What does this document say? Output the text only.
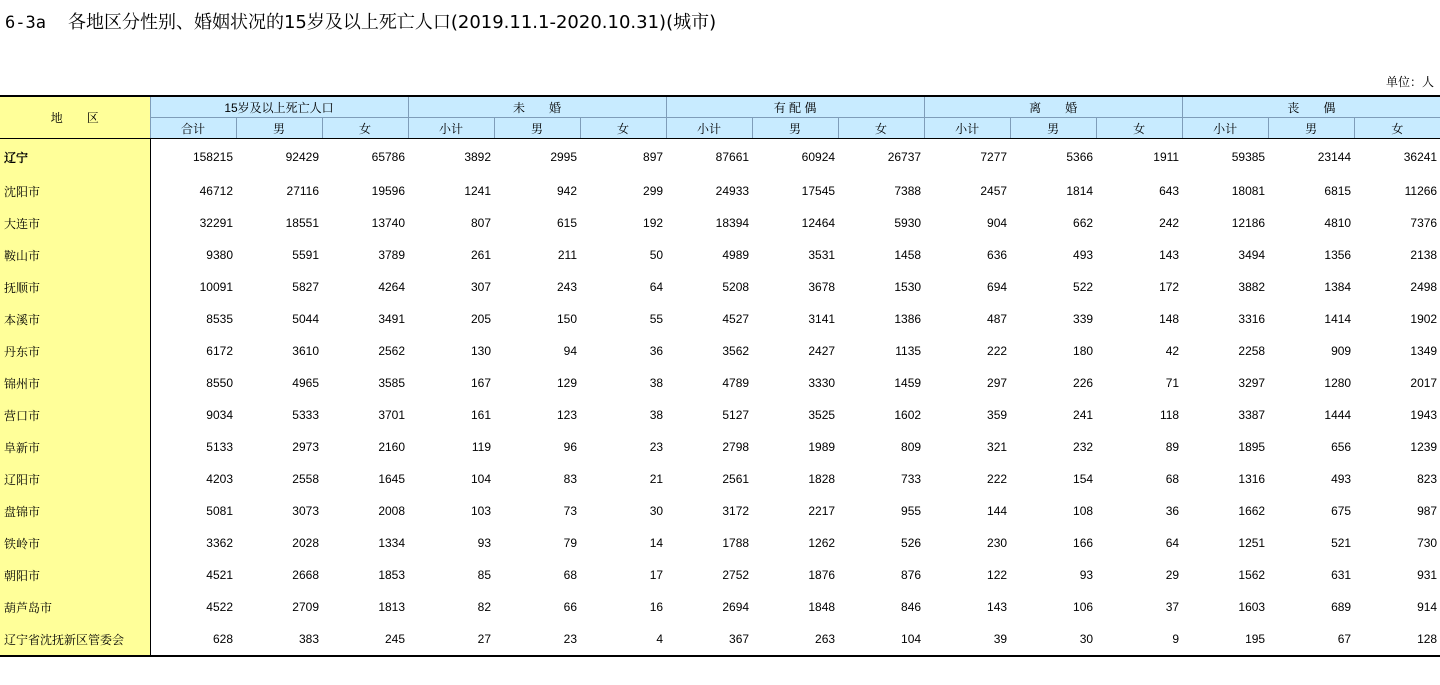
6-3a 各地区分性别、婚姻状况的15岁及以上死亡人口(2019.11.1-2020.10.31)(城市)
单位：人
地　　区	15岁及以上死亡人口			未　　婚			有 配 偶			离　　婚			丧　　偶		
	合计	男	女	小计	男	女	小计	男	女	小计	男	女	小计	男	女
辽宁	158215	92429	65786	3892	2995	897	87661	60924	26737	7277	5366	1911	59385	23144	36241
沈阳市	46712	27116	19596	1241	942	299	24933	17545	7388	2457	1814	643	18081	6815	11266
大连市	32291	18551	13740	807	615	192	18394	12464	5930	904	662	242	12186	4810	7376
鞍山市	9380	5591	3789	261	211	50	4989	3531	1458	636	493	143	3494	1356	2138
抚顺市	10091	5827	4264	307	243	64	5208	3678	1530	694	522	172	3882	1384	2498
本溪市	8535	5044	3491	205	150	55	4527	3141	1386	487	339	148	3316	1414	1902
丹东市	6172	3610	2562	130	94	36	3562	2427	1135	222	180	42	2258	909	1349
锦州市	8550	4965	3585	167	129	38	4789	3330	1459	297	226	71	3297	1280	2017
营口市	9034	5333	3701	161	123	38	5127	3525	1602	359	241	118	3387	1444	1943
阜新市	5133	2973	2160	119	96	23	2798	1989	809	321	232	89	1895	656	1239
辽阳市	4203	2558	1645	104	83	21	2561	1828	733	222	154	68	1316	493	823
盘锦市	5081	3073	2008	103	73	30	3172	2217	955	144	108	36	1662	675	987
铁岭市	3362	2028	1334	93	79	14	1788	1262	526	230	166	64	1251	521	730
朝阳市	4521	2668	1853	85	68	17	2752	1876	876	122	93	29	1562	631	931
葫芦岛市	4522	2709	1813	82	66	16	2694	1848	846	143	106	37	1603	689	914
辽宁省沈抚新区管委会	628	383	245	27	23	4	367	263	104	39	30	9	195	67	128
